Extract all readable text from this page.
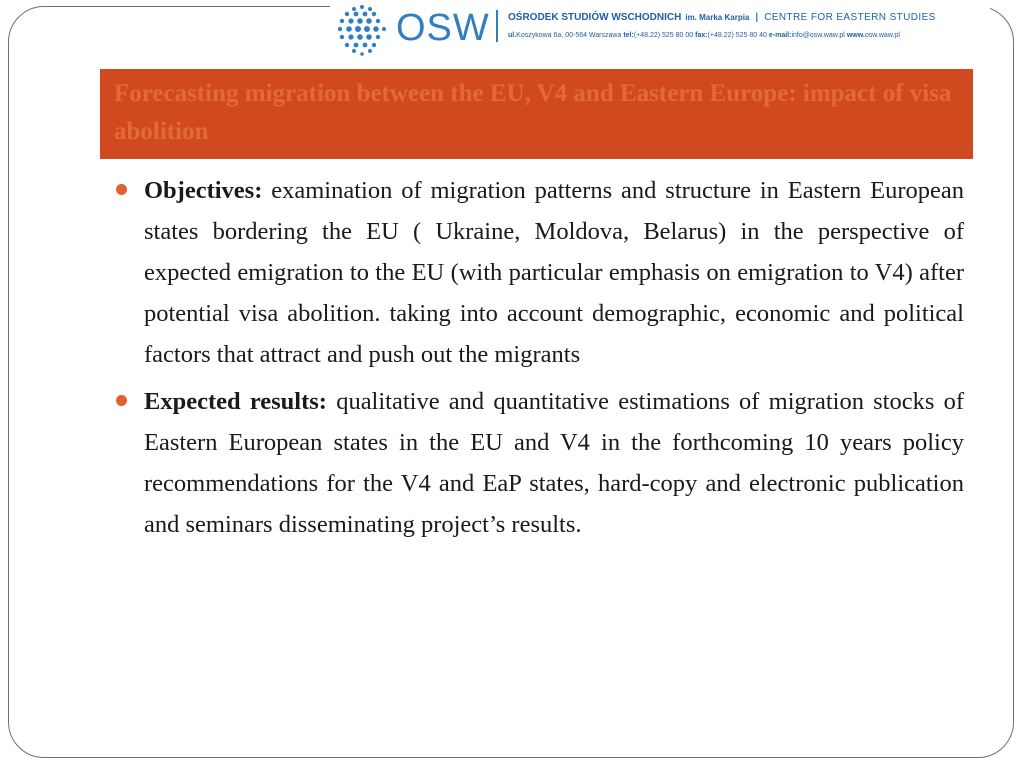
OSW OŚRODEK STUDIÓW WSCHODNICH im. Marka Karpia | CENTRE FOR EASTERN STUDIES
ul.Koszykowa 6a, 00-564 Warszawa tel:(+48.22) 525 80 00 fax:(+48.22) 525 80 40 e-mail:info@osw.waw.pl www.osw.waw.pl

Forecasting migration between the EU, V4 and Eastern Europe: impact of visa abolition

Objectives: examination of migration patterns and structure in Eastern European states bordering the EU ( Ukraine, Moldova, Belarus) in the perspective of expected emigration to the EU (with particular emphasis on emigration to V4) after potential visa abolition. taking into account demographic, economic and political factors that attract and push out the migrants
Expected results: qualitative and quantitative estimations of migration stocks of Eastern European states in the EU and V4 in the forthcoming 10 years policy recommendations for the V4 and EaP states, hard-copy and electronic publication and seminars disseminating project’s results.
